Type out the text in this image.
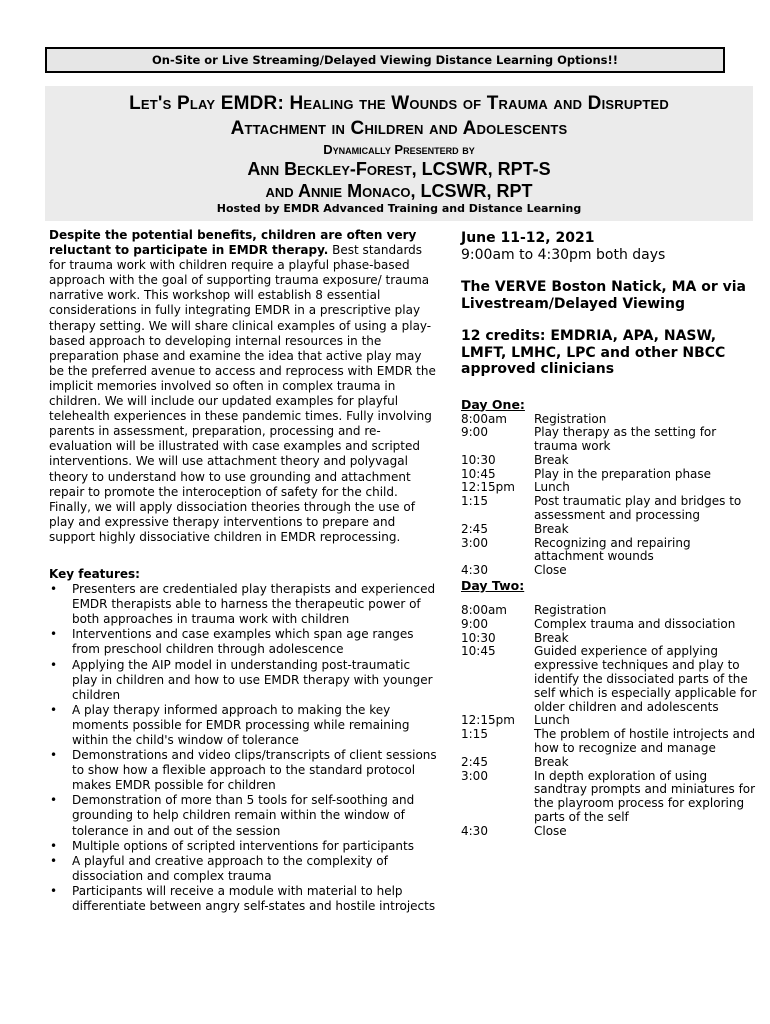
On-Site or Live Streaming/Delayed Viewing Distance Learning Options!!
Let's Play EMDR: Healing the Wounds of Trauma and Disrupted
Attachment in Children and Adolescents
Dynamically Presenterd by
Ann Beckley-Forest, LCSWR, RPT-S
and Annie Monaco, LCSWR, RPT
Hosted by EMDR Advanced Training and Distance Learning
Despite the potential benefits, children are often very reluctant to participate in EMDR therapy. Best standards for trauma work with children require a playful phase-based approach with the goal of supporting trauma exposure/ trauma narrative work. This workshop will establish 8 essential considerations in fully integrating EMDR in a prescriptive play therapy setting. We will share clinical examples of using a play-based approach to developing internal resources in the preparation phase and examine the idea that active play may be the preferred avenue to access and reprocess with EMDR the implicit memories involved so often in complex trauma in children. We will include our updated examples for playful telehealth experiences in these pandemic times. Fully involving parents in assessment, preparation, processing and re-evaluation will be illustrated with case examples and scripted interventions. We will use attachment theory and polyvagal theory to understand how to use grounding and attachment repair to promote the interoception of safety for the child. Finally, we will apply dissociation theories through the use of play and expressive therapy interventions to prepare and support highly dissociative children in EMDR reprocessing.
Key features:
• Presenters are credentialed play therapists and experienced EMDR therapists able to harness the therapeutic power of both approaches in trauma work with children
• Interventions and case examples which span age ranges from preschool children through adolescence
• Applying the AIP model in understanding post-traumatic play in children and how to use EMDR therapy with younger children
• A play therapy informed approach to making the key moments possible for EMDR processing while remaining within the child's window of tolerance
• Demonstrations and video clips/transcripts of client sessions to show how a flexible approach to the standard protocol makes EMDR possible for children
• Demonstration of more than 5 tools for self-soothing and grounding to help children remain within the window of tolerance in and out of the session
• Multiple options of scripted interventions for participants
• A playful and creative approach to the complexity of dissociation and complex trauma
• Participants will receive a module with material to help differentiate between angry self-states and hostile introjects
June 11-12, 2021
9:00am to 4:30pm both days
The VERVE Boston Natick, MA or via Livestream/Delayed Viewing
12 credits: EMDRIA, APA, NASW, LMFT, LMHC, LPC and other NBCC approved clinicians
Day One:
8:00am	Registration
9:00	Play therapy as the setting for trauma work
10:30	Break
10:45	Play in the preparation phase
12:15pm	Lunch
1:15	Post traumatic play and bridges to assessment and processing
2:45	Break
3:00	Recognizing and repairing attachment wounds
4:30	Close
Day Two:
8:00am	Registration
9:00	Complex trauma and dissociation
10:30	Break
10:45	Guided experience of applying expressive techniques and play to identify the dissociated parts of the self which is especially applicable for older children and adolescents
12:15pm	Lunch
1:15	The problem of hostile introjects and how to recognize and manage
2:45	Break
3:00	In depth exploration of using sandtray prompts and miniatures for the playroom process for exploring parts of the self
4:30	Close
